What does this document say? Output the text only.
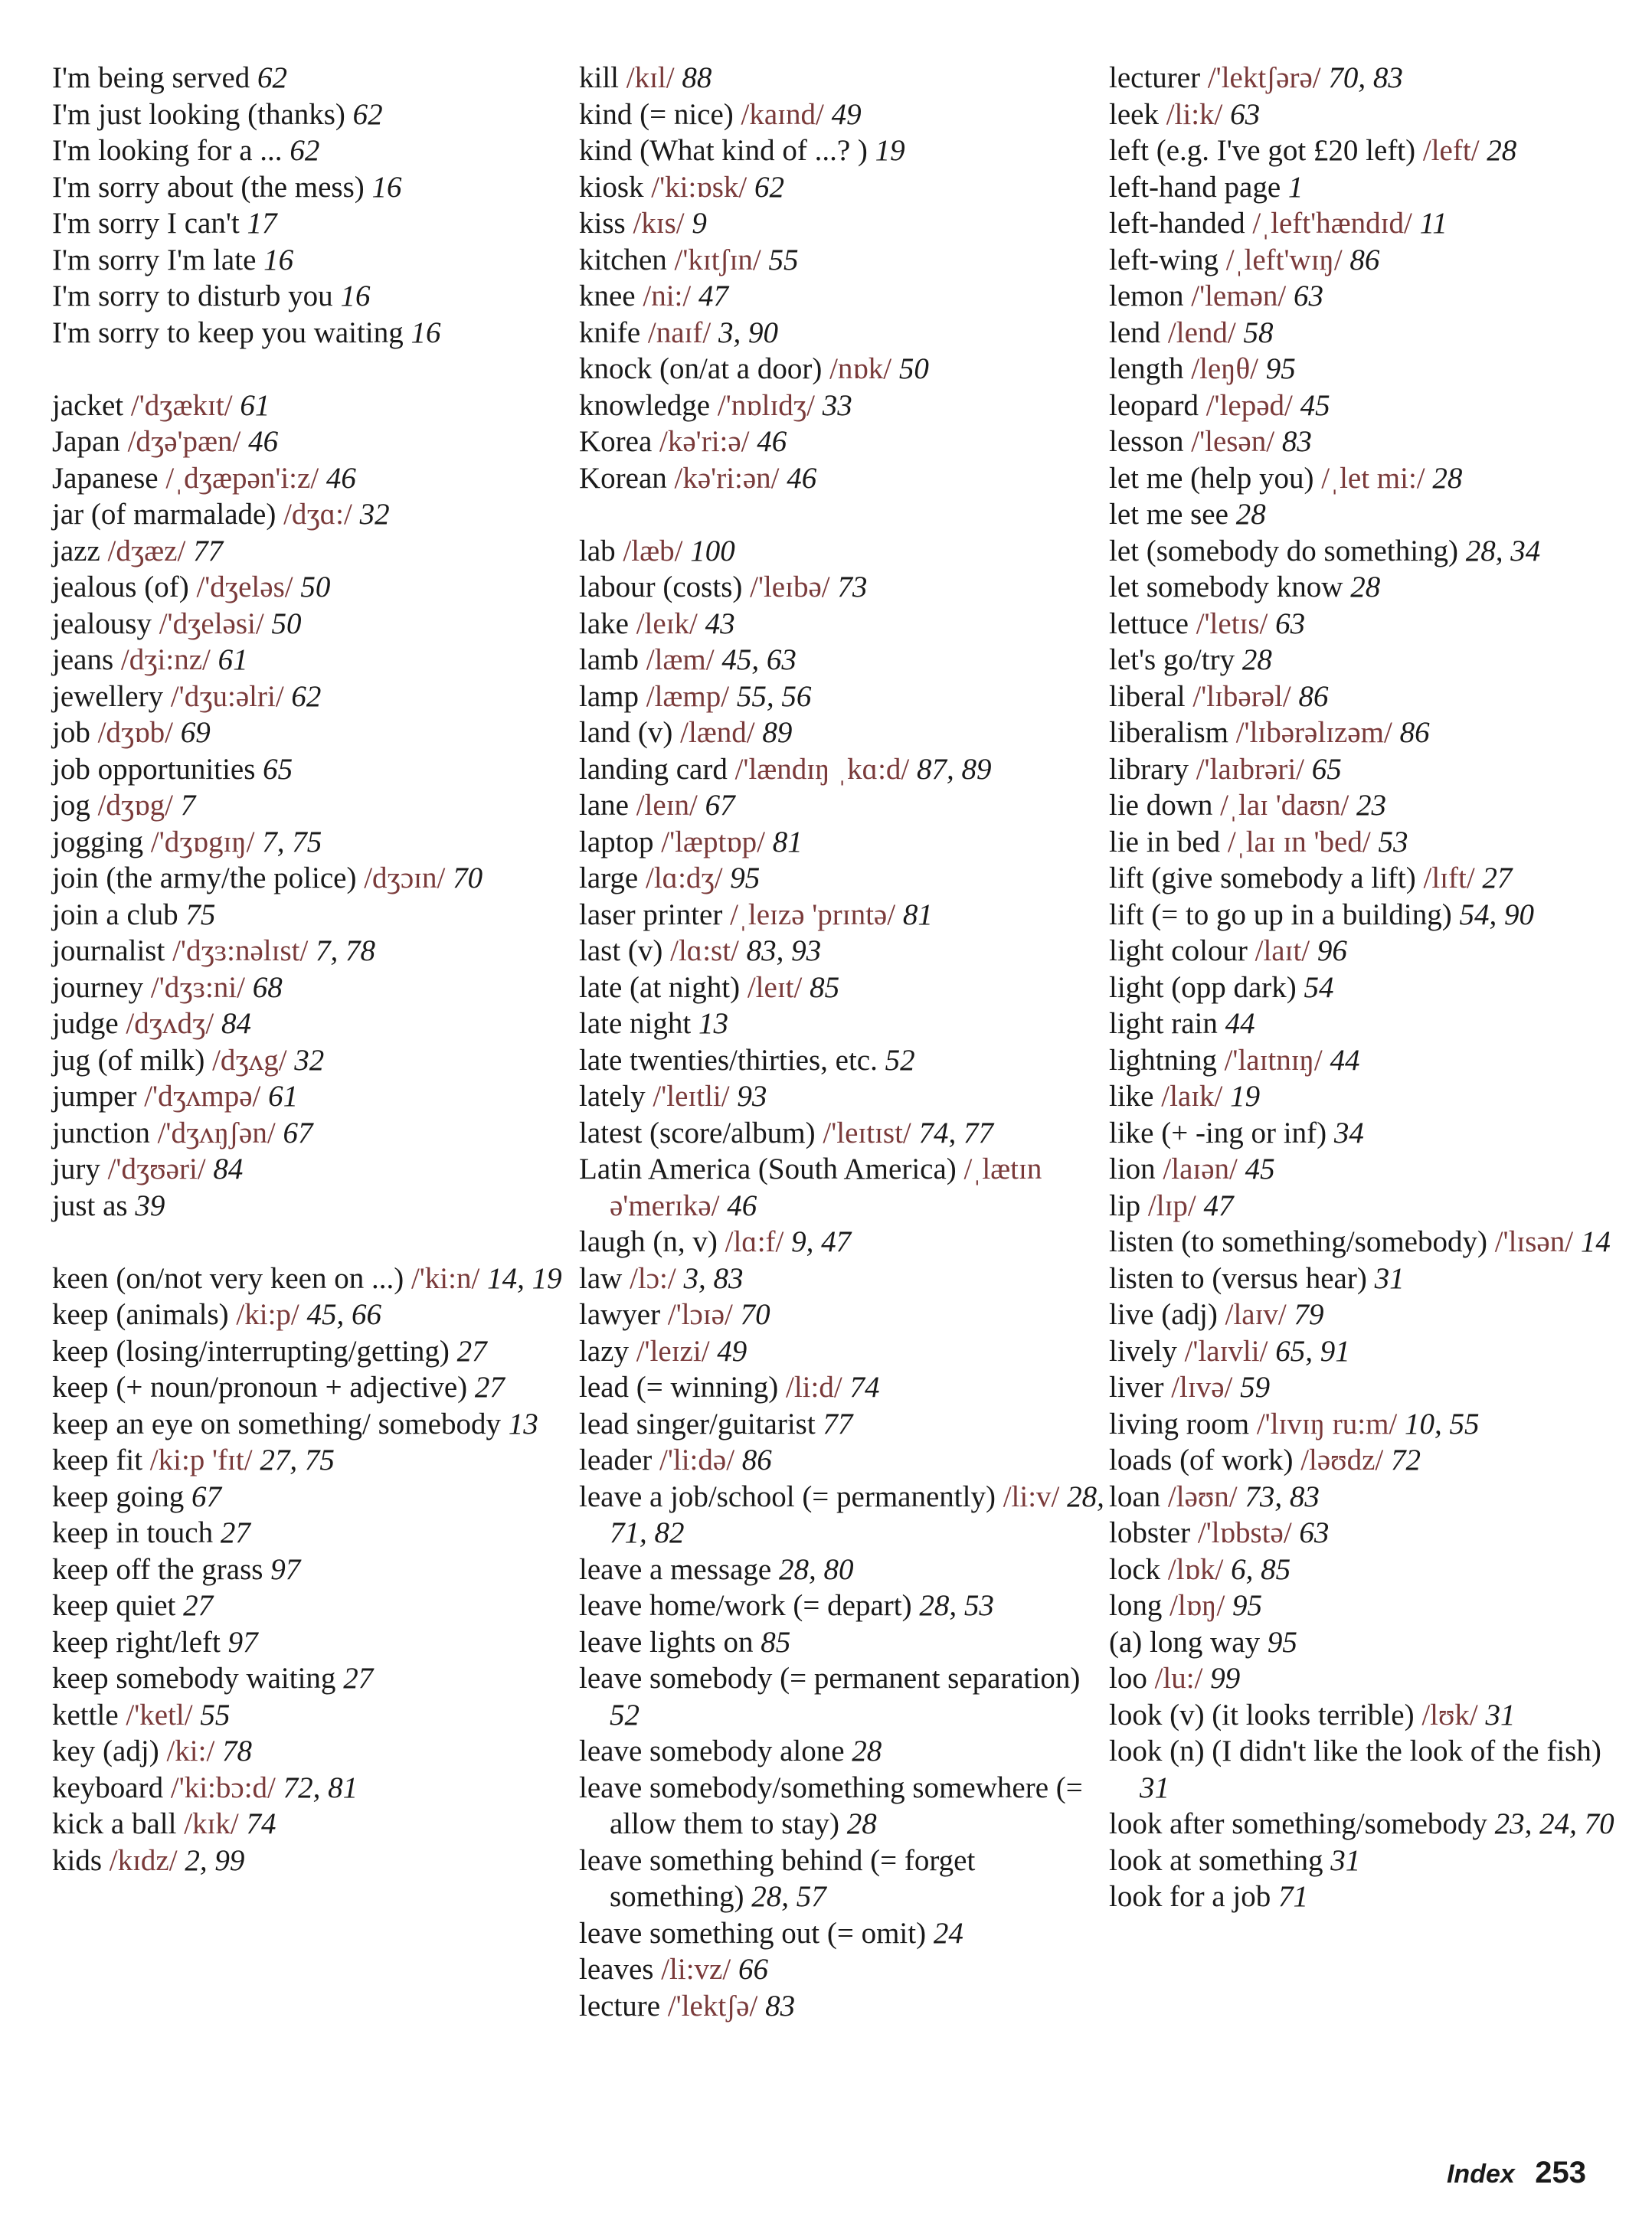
I'm being served 62
I'm just looking (thanks) 62
I'm looking for a ... 62
I'm sorry about (the mess) 16
I'm sorry I can't 17
I'm sorry I'm late 16
I'm sorry to disturb you 16
I'm sorry to keep you waiting 16
jacket /'dʒækɪt/ 61
Japan /dʒə'pæn/ 46
Japanese /ˌdʒæpən'i:z/ 46
jar (of marmalade) /dʒɑ:/ 32
jazz /dʒæz/ 77
jealous (of) /'dʒeləs/ 50
jealousy /'dʒeləsi/ 50
jeans /dʒi:nz/ 61
jewellery /'dʒu:əlri/ 62
job /dʒɒb/ 69
job opportunities 65
jog /dʒɒg/ 7
jogging /'dʒɒgɪŋ/ 7, 75
join (the army/the police) /dʒɔɪn/ 70
join a club 75
journalist /'dʒɜ:nəlɪst/ 7, 78
journey /'dʒɜ:ni/ 68
judge /dʒʌdʒ/ 84
jug (of milk) /dʒʌg/ 32
jumper /'dʒʌmpə/ 61
junction /'dʒʌŋʃən/ 67
jury /'dʒʊəri/ 84
just as 39
keen (on/not very keen on ...) /'ki:n/ 14, 19
keep (animals) /ki:p/ 45, 66
keep (losing/interrupting/getting) 27
keep (+ noun/pronoun + adjective) 27
keep an eye on something/ somebody 13
keep fit /ki:p 'fɪt/ 27, 75
keep going 67
keep in touch 27
keep off the grass 97
keep quiet 27
keep right/left 97
keep somebody waiting 27
kettle /'ketl/ 55
key (adj) /ki:/ 78
keyboard /'ki:bɔ:d/ 72, 81
kick a ball /kɪk/ 74
kids /kɪdz/ 2, 99
kill /kɪl/ 88
kind (= nice) /kaɪnd/ 49
kind (What kind of ...? ) 19
kiosk /'ki:ɒsk/ 62
kiss /kɪs/ 9
kitchen /'kɪtʃɪn/ 55
knee /ni:/ 47
knife /naɪf/ 3, 90
knock (on/at a door) /nɒk/ 50
knowledge /'nɒlɪdʒ/ 33
Korea /kə'ri:ə/ 46
Korean /kə'ri:ən/ 46
lab /læb/ 100
labour (costs) /'leɪbə/ 73
lake /leɪk/ 43
lamb /læm/ 45, 63
lamp /læmp/ 55, 56
land (v) /lænd/ 89
landing card /'lændɪŋ ˌkɑ:d/ 87, 89
lane /leɪn/ 67
laptop /'læptɒp/ 81
large /lɑ:dʒ/ 95
laser printer /ˌleɪzə 'prɪntə/ 81
last (v) /lɑ:st/ 83, 93
late (at night) /leɪt/ 85
late night 13
late twenties/thirties, etc. 52
lately /'leɪtli/ 93
latest (score/album) /'leɪtɪst/ 74, 77
Latin America (South America) /ˌlætɪn ə'merɪkə/ 46
laugh (n, v) /lɑ:f/ 9, 47
law /lɔ:/ 3, 83
lawyer /'lɔɪə/ 70
lazy /'leɪzi/ 49
lead (= winning) /li:d/ 74
lead singer/guitarist 77
leader /'li:də/ 86
leave a job/school (= permanently) /li:v/ 28, 71, 82
leave a message 28, 80
leave home/work (= depart) 28, 53
leave lights on 85
leave somebody (= permanent separation) 52
leave somebody alone 28
leave somebody/something somewhere (= allow them to stay) 28
leave something behind (= forget something) 28, 57
leave something out (= omit) 24
leaves /li:vz/ 66
lecture /'lektʃə/ 83
lecturer /'lektʃərə/ 70, 83
leek /li:k/ 63
left (e.g. I've got £20 left) /left/ 28
left-hand page 1
left-handed /ˌleft'hændɪd/ 11
left-wing /ˌleft'wɪŋ/ 86
lemon /'lemən/ 63
lend /lend/ 58
length /leŋθ/ 95
leopard /'lepəd/ 45
lesson /'lesən/ 83
let me (help you) /ˌlet mi:/ 28
let me see 28
let (somebody do something) 28, 34
let somebody know 28
lettuce /'letɪs/ 63
let's go/try 28
liberal /'lɪbərəl/ 86
liberalism /'lɪbərəlɪzəm/ 86
library /'laɪbrəri/ 65
lie down /ˌlaɪ 'daʊn/ 23
lie in bed /ˌlaɪ ɪn 'bed/ 53
lift (give somebody a lift) /lɪft/ 27
lift (= to go up in a building) 54, 90
light colour /laɪt/ 96
light (opp dark) 54
light rain 44
lightning /'laɪtnɪŋ/ 44
like /laɪk/ 19
like (+ -ing or inf) 34
lion /laɪən/ 45
lip /lɪp/ 47
listen (to something/somebody) /'lɪsən/ 14
listen to (versus hear) 31
live (adj) /laɪv/ 79
lively /'laɪvli/ 65, 91
liver /lɪvə/ 59
living room /'lɪvɪŋ ru:m/ 10, 55
loads (of work) /ləʊdz/ 72
loan /ləʊn/ 73, 83
lobster /'lɒbstə/ 63
lock /lɒk/ 6, 85
long /lɒŋ/ 95
(a) long way 95
loo /lu:/ 99
look (v) (it looks terrible) /lʊk/ 31
look (n) (I didn't like the look of the fish) 31
look after something/somebody 23, 24, 70
look at something 31
look for a job 71
Index 253
